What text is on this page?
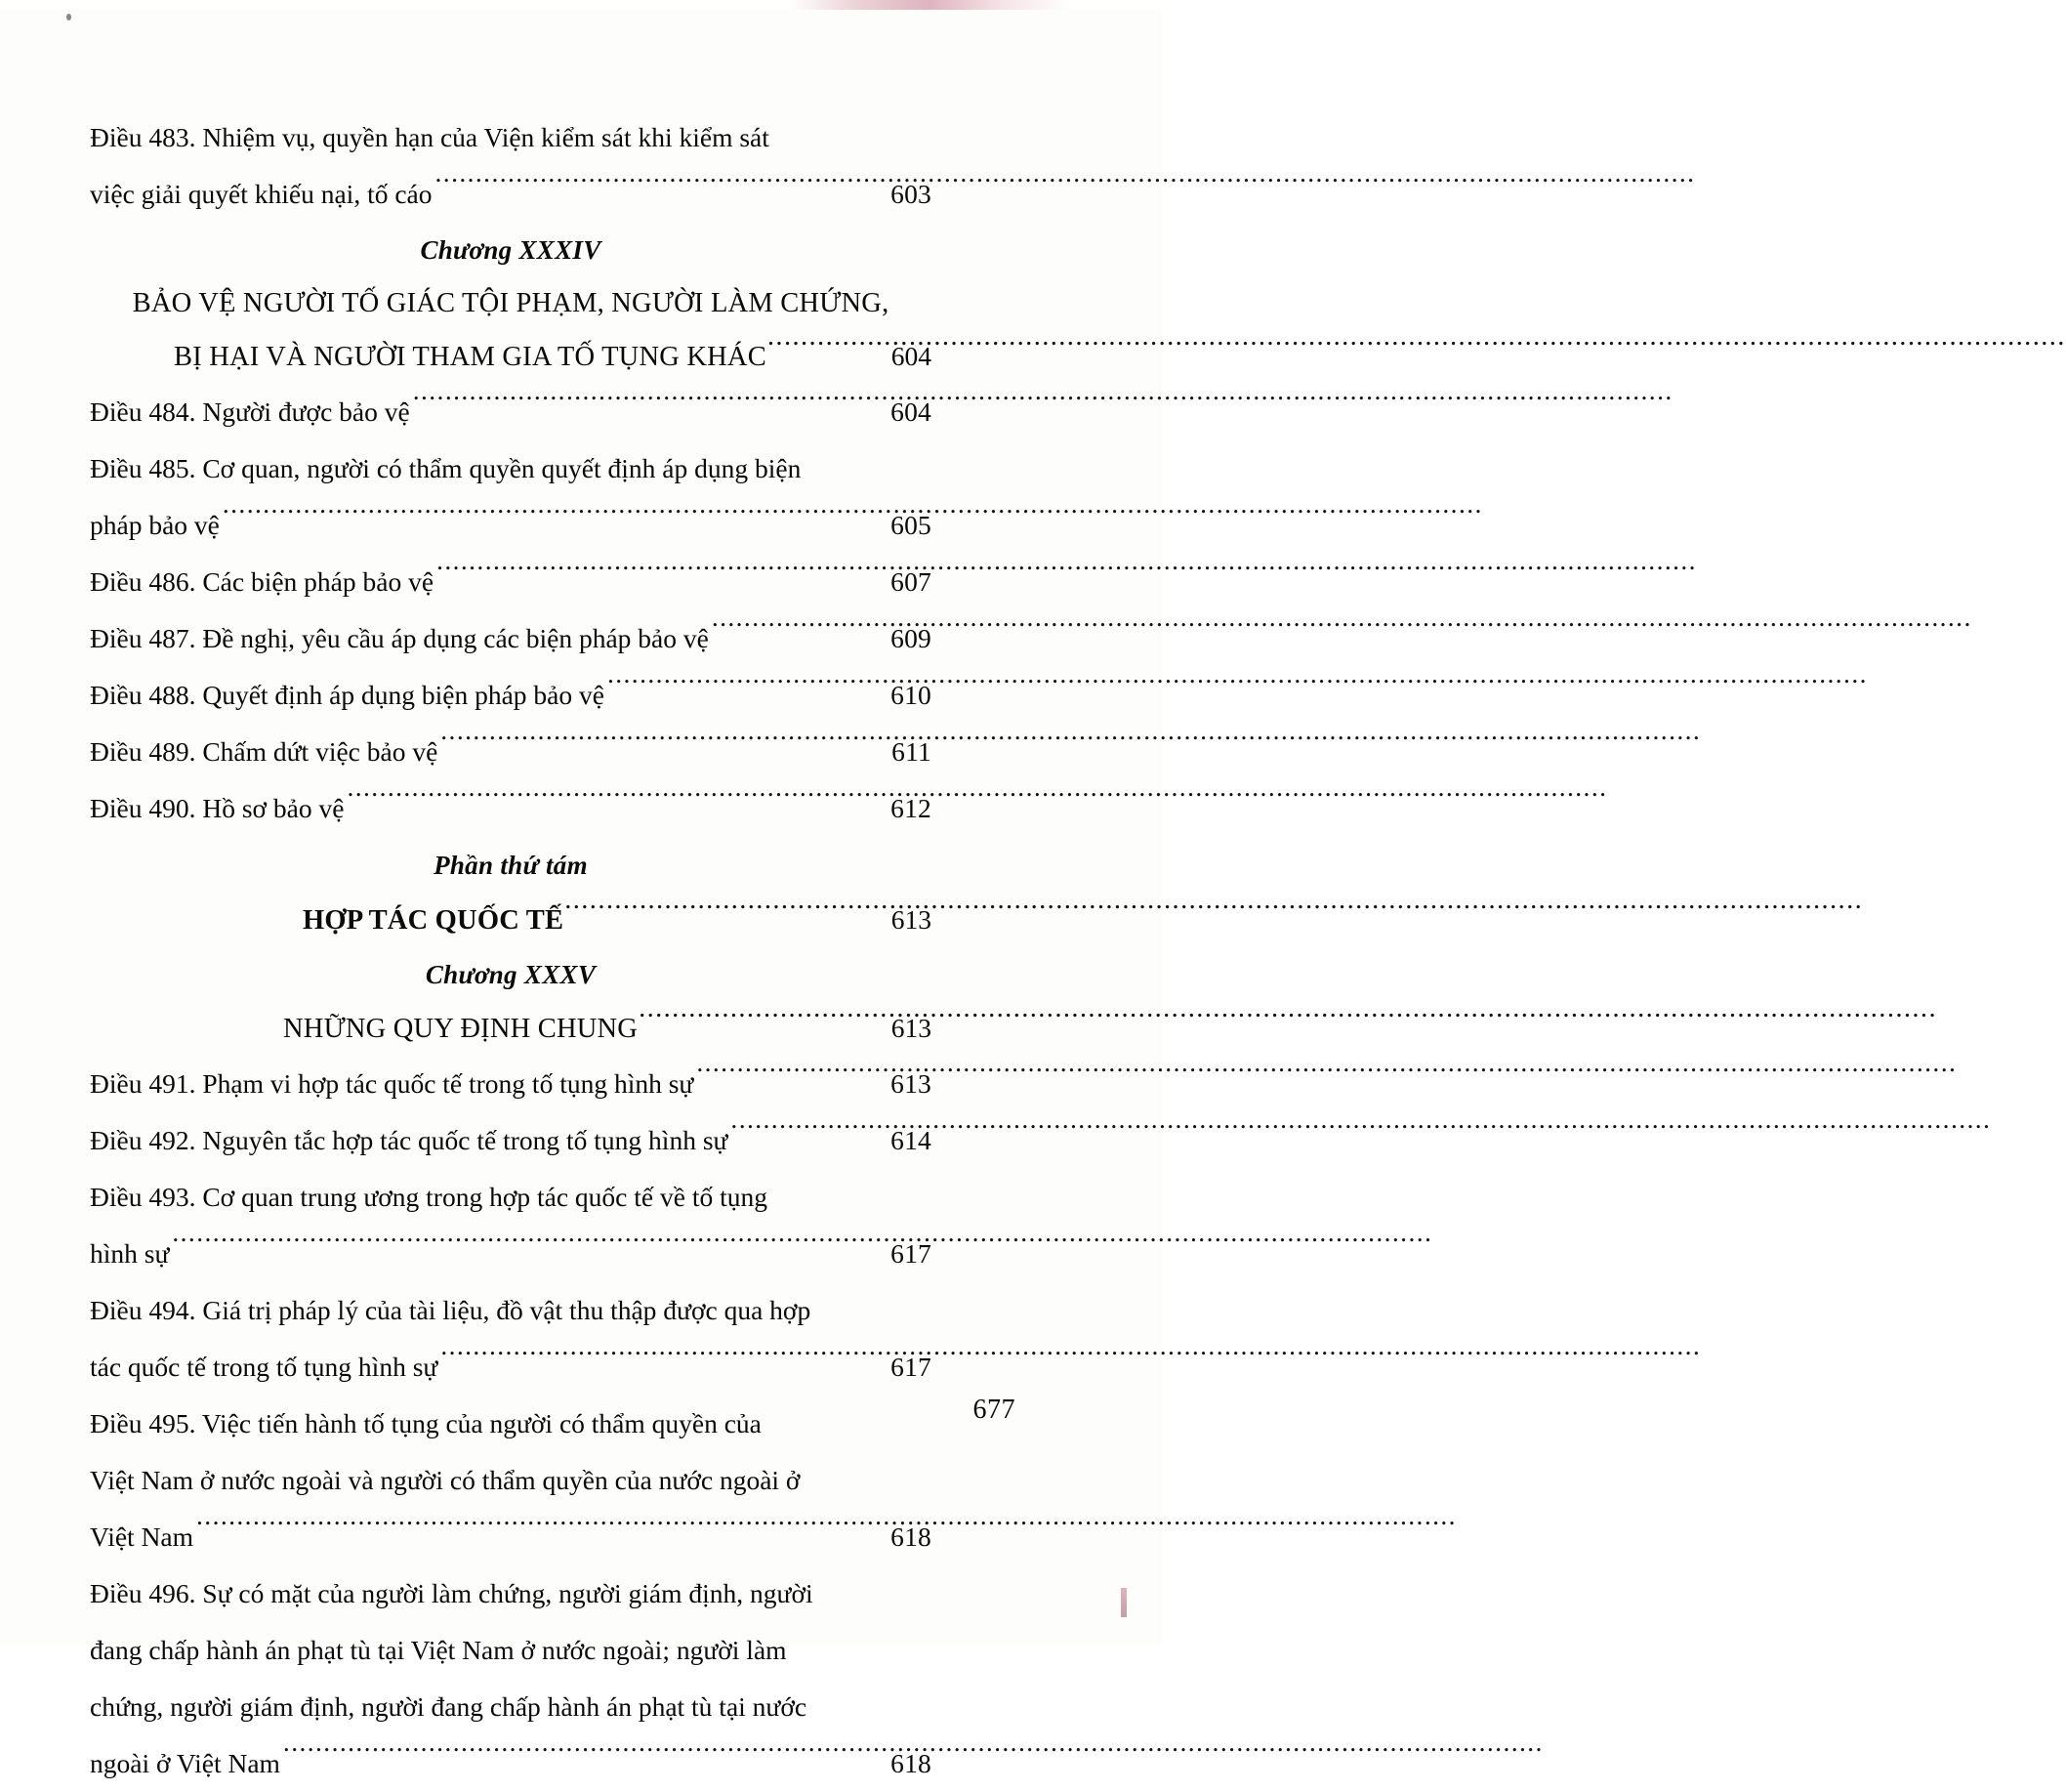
Điều 483. Nhiệm vụ, quyền hạn của Viện kiểm sát khi kiểm sát
việc giải quyết khiếu nại, tố cáo .....	603
Chương XXXIV
BẢO VỆ NGƯỜI TỐ GIÁC TỘI PHẠM, NGƯỜI LÀM CHỨNG,
BỊ HẠI VÀ NGƯỜI THAM GIA TỐ TỤNG KHÁC .....	604
Điều 484. Người được bảo vệ .....	604
Điều 485. Cơ quan, người có thẩm quyền quyết định áp dụng biện
pháp bảo vệ .....	605
Điều 486. Các biện pháp bảo vệ .....	607
Điều 487. Đề nghị, yêu cầu áp dụng các biện pháp bảo vệ .....	609
Điều 488. Quyết định áp dụng biện pháp bảo vệ .....	610
Điều 489. Chấm dứt việc bảo vệ .....	611
Điều 490. Hồ sơ bảo vệ .....	612
Phần thứ tám
HỢP TÁC QUỐC TẾ .....	613
Chương XXXV
NHỮNG QUY ĐỊNH CHUNG .....	613
Điều 491. Phạm vi hợp tác quốc tế trong tố tụng hình sự .....	613
Điều 492. Nguyên tắc hợp tác quốc tế trong tố tụng hình sự .....	614
Điều 493. Cơ quan trung ương trong hợp tác quốc tế về tố tụng
hình sự .....	617
Điều 494. Giá trị pháp lý của tài liệu, đồ vật thu thập được qua hợp
tác quốc tế trong tố tụng hình sự .....	617
Điều 495. Việc tiến hành tố tụng của người có thẩm quyền của
Việt Nam ở nước ngoài và người có thẩm quyền của nước ngoài ở
Việt Nam .....	618
Điều 496. Sự có mặt của người làm chứng, người giám định, người
đang chấp hành án phạt tù tại Việt Nam ở nước ngoài; người làm
chứng, người giám định, người đang chấp hành án phạt tù tại nước
ngoài ở Việt Nam .....	618
677
